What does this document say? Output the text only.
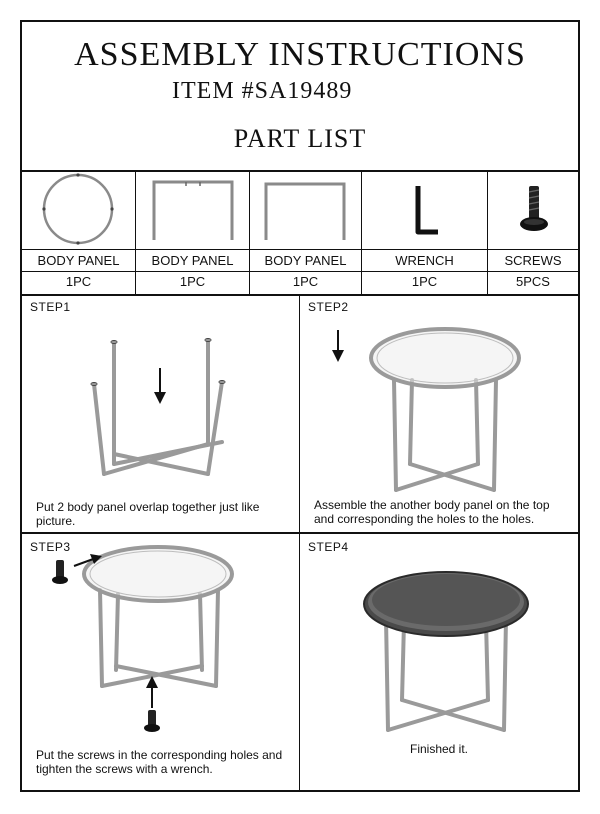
ASSEMBLY INSTRUCTIONS
ITEM #SA19489
PART LIST
BODY PANEL
1PC
BODY PANEL
1PC
BODY PANEL
1PC
WRENCH
1PC
SCREWS
5PCS
STEP1
Put 2 body panel overlap together just like picture.
STEP2
Assemble the another body panel on the top and corresponding the holes to the holes.
STEP3
Put the screws in the corresponding holes and tighten the screws with a wrench.
STEP4
Finished it.
